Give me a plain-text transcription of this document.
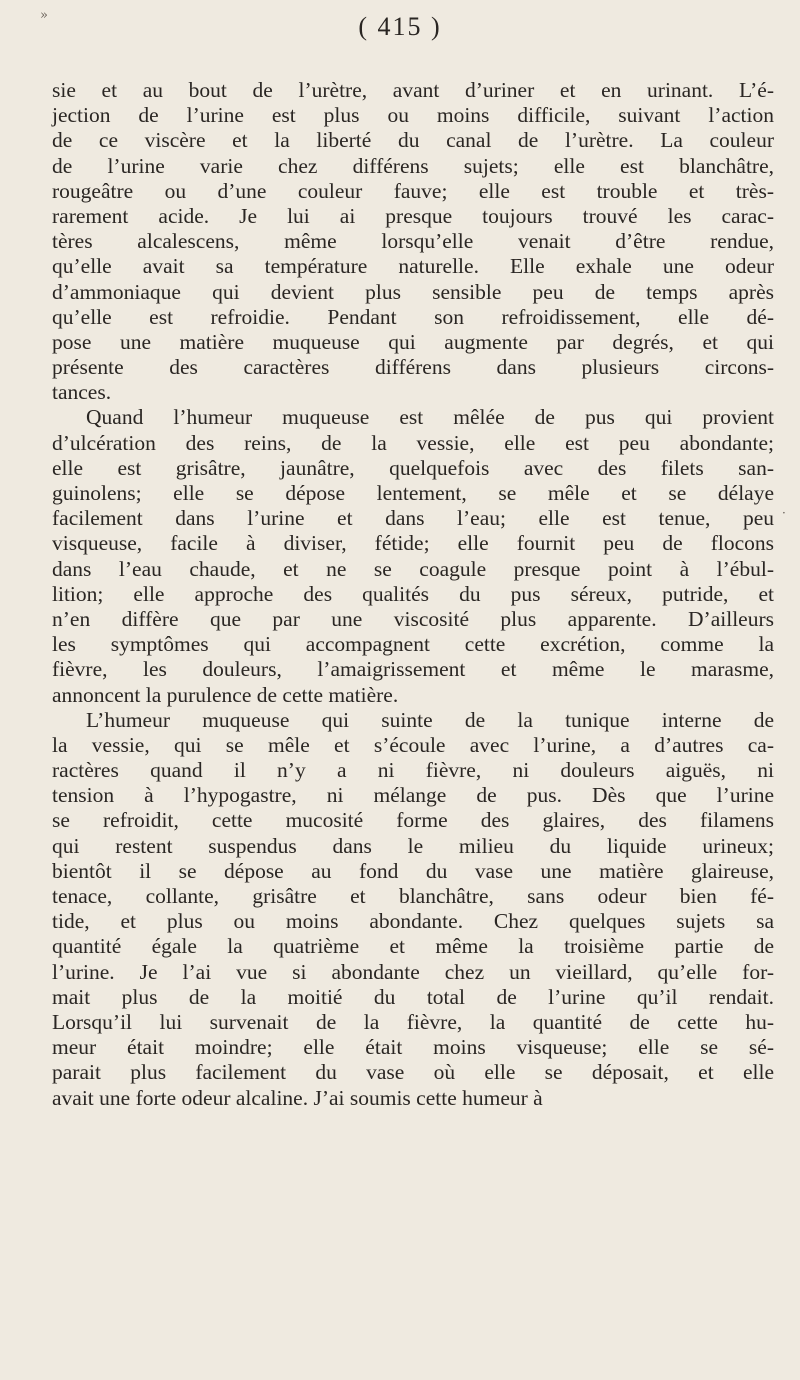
»	( 415 )
·
sie et au bout de l’urètre, avant d’uriner et en urinant. L’é-
jection de l’urine est plus ou moins difficile, suivant l’action
de ce viscère et la liberté du canal de l’urètre. La couleur
de l’urine varie chez différens sujets; elle est blanchâtre,
rougeâtre ou d’une couleur fauve; elle est trouble et très-
rarement acide. Je lui ai presque toujours trouvé les carac-
tères alcalescens, même lorsqu’elle venait d’être rendue,
qu’elle avait sa température naturelle. Elle exhale une odeur
d’ammoniaque qui devient plus sensible peu de temps après
qu’elle est refroidie. Pendant son refroidissement, elle dé-
pose une matière muqueuse qui augmente par degrés, et qui
présente des caractères différens dans plusieurs circons-
tances.
Quand l’humeur muqueuse est mêlée de pus qui provient
d’ulcération des reins, de la vessie, elle est peu abondante;
elle est grisâtre, jaunâtre, quelquefois avec des filets san-
guinolens; elle se dépose lentement, se mêle et se délaye
facilement dans l’urine et dans l’eau; elle est tenue, peu
visqueuse, facile à diviser, fétide; elle fournit peu de flocons
dans l’eau chaude, et ne se coagule presque point à l’ébul-
lition; elle approche des qualités du pus séreux, putride, et
n’en diffère que par une viscosité plus apparente. D’ailleurs
les symptômes qui accompagnent cette excrétion, comme la
fièvre, les douleurs, l’amaigrissement et même le marasme,
annoncent la purulence de cette matière.
L’humeur muqueuse qui suinte de la tunique interne de
la vessie, qui se mêle et s’écoule avec l’urine, a d’autres ca-
ractères quand il n’y a ni fièvre, ni douleurs aiguës, ni
tension à l’hypogastre, ni mélange de pus. Dès que l’urine
se refroidit, cette mucosité forme des glaires, des filamens
qui restent suspendus dans le milieu du liquide urineux;
bientôt il se dépose au fond du vase une matière glaireuse,
tenace, collante, grisâtre et blanchâtre, sans odeur bien fé-
tide, et plus ou moins abondante. Chez quelques sujets sa
quantité égale la quatrième et même la troisième partie de
l’urine. Je l’ai vue si abondante chez un vieillard, qu’elle for-
mait plus de la moitié du total de l’urine qu’il rendait.
Lorsqu’il lui survenait de la fièvre, la quantité de cette hu-
meur était moindre; elle était moins visqueuse; elle se sé-
parait plus facilement du vase où elle se déposait, et elle
avait une forte odeur alcaline. J’ai soumis cette humeur à
